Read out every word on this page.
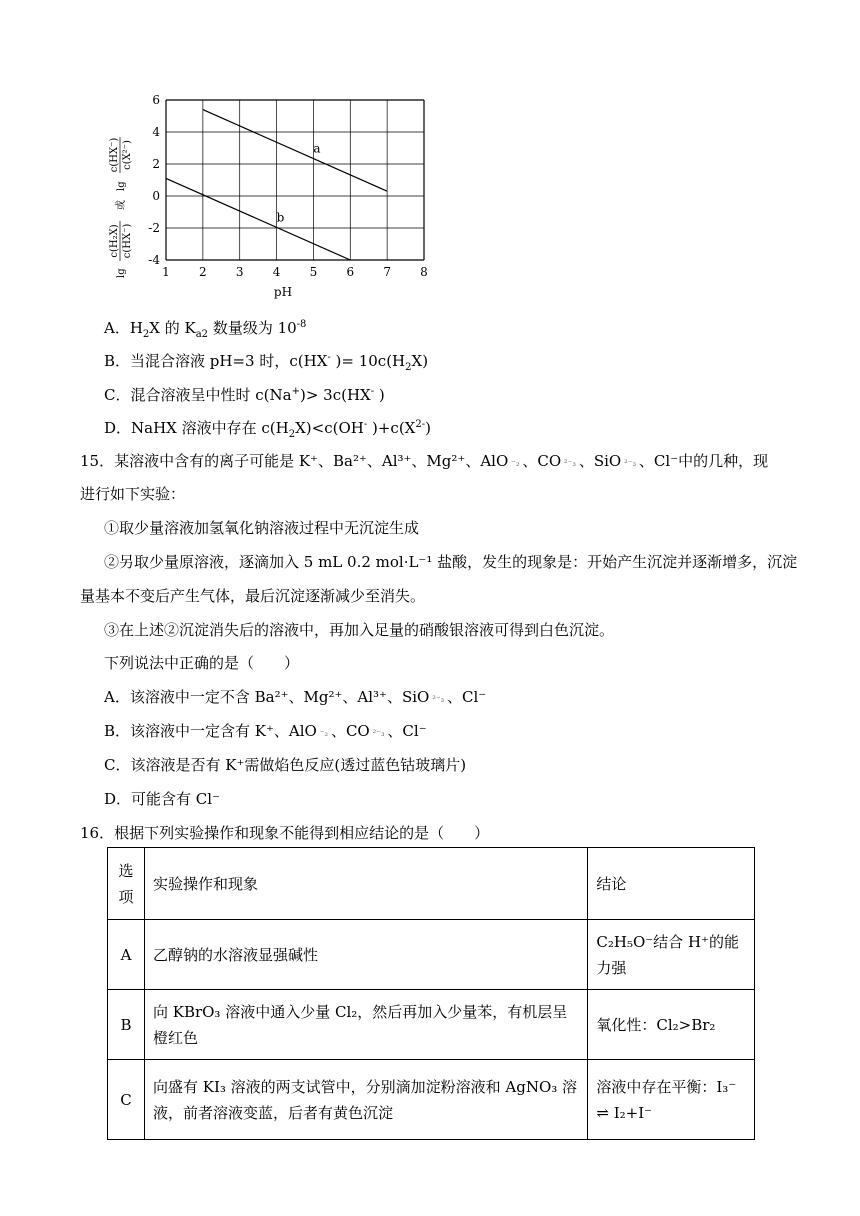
a
b
1 2 3 4 5 6 7 8
6
4
2
0
-2
-4
pH
lg
c(H₂X) c(HX⁻)
或
lg
c(HX⁻) c(X²⁻)
A．$H_2X$ 的 $K_{a2}$ 数量级为 $10^{-8}$
B．当混合溶液 pH=3 时，c(HX- )= $10c(H_2X)$
C．混合溶液呈中性时 c(Na+)> 3c(HX- )
D．NaHX 溶液中存在 $c(H_2X)<c(OH^-$ )$+c(X^{2-})$
15．某溶液中含有的离子可能是 K⁺、Ba²⁺、Al³⁺、Mg²⁺、AlO ⁻₂ 、CO ²⁻₃ 、SiO ²⁻₃ 、Cl⁻中的几种，现
进行如下实验：
①取少量溶液加氢氧化钠溶液过程中无沉淀生成
②另取少量原溶液，逐滴加入 5 mL 0.2 mol·L⁻¹ 盐酸，发生的现象是：开始产生沉淀并逐渐增多，沉淀
量基本不变后产生气体，最后沉淀逐渐减少至消失。
③在上述②沉淀消失后的溶液中，再加入足量的硝酸银溶液可得到白色沉淀。
下列说法中正确的是（　　）
A．该溶液中一定不含 Ba²⁺、Mg²⁺、Al³⁺、SiO ²⁻₃ 、Cl⁻
B．该溶液中一定含有 K⁺、AlO ⁻₂ 、CO ²⁻₃ 、Cl⁻
C．该溶液是否有 K⁺需做焰色反应(透过蓝色钴玻璃片)
D．可能含有 Cl⁻
16．根据下列实验操作和现象不能得到相应结论的是（　　）
选项	实验操作和现象	结论
A	乙醇钠的水溶液显强碱性	C₂H₅O⁻结合 H⁺的能力强
B	向 KBrO₃ 溶液中通入少量 Cl₂，然后再加入少量苯，有机层呈橙红色	氧化性：Cl₂>Br₂
C	向盛有 KI₃ 溶液的两支试管中，分别滴加淀粉溶液和 AgNO₃ 溶液，前者溶液变蓝，后者有黄色沉淀	溶液中存在平衡：I₃⁻ ⇌ I₂+I⁻
